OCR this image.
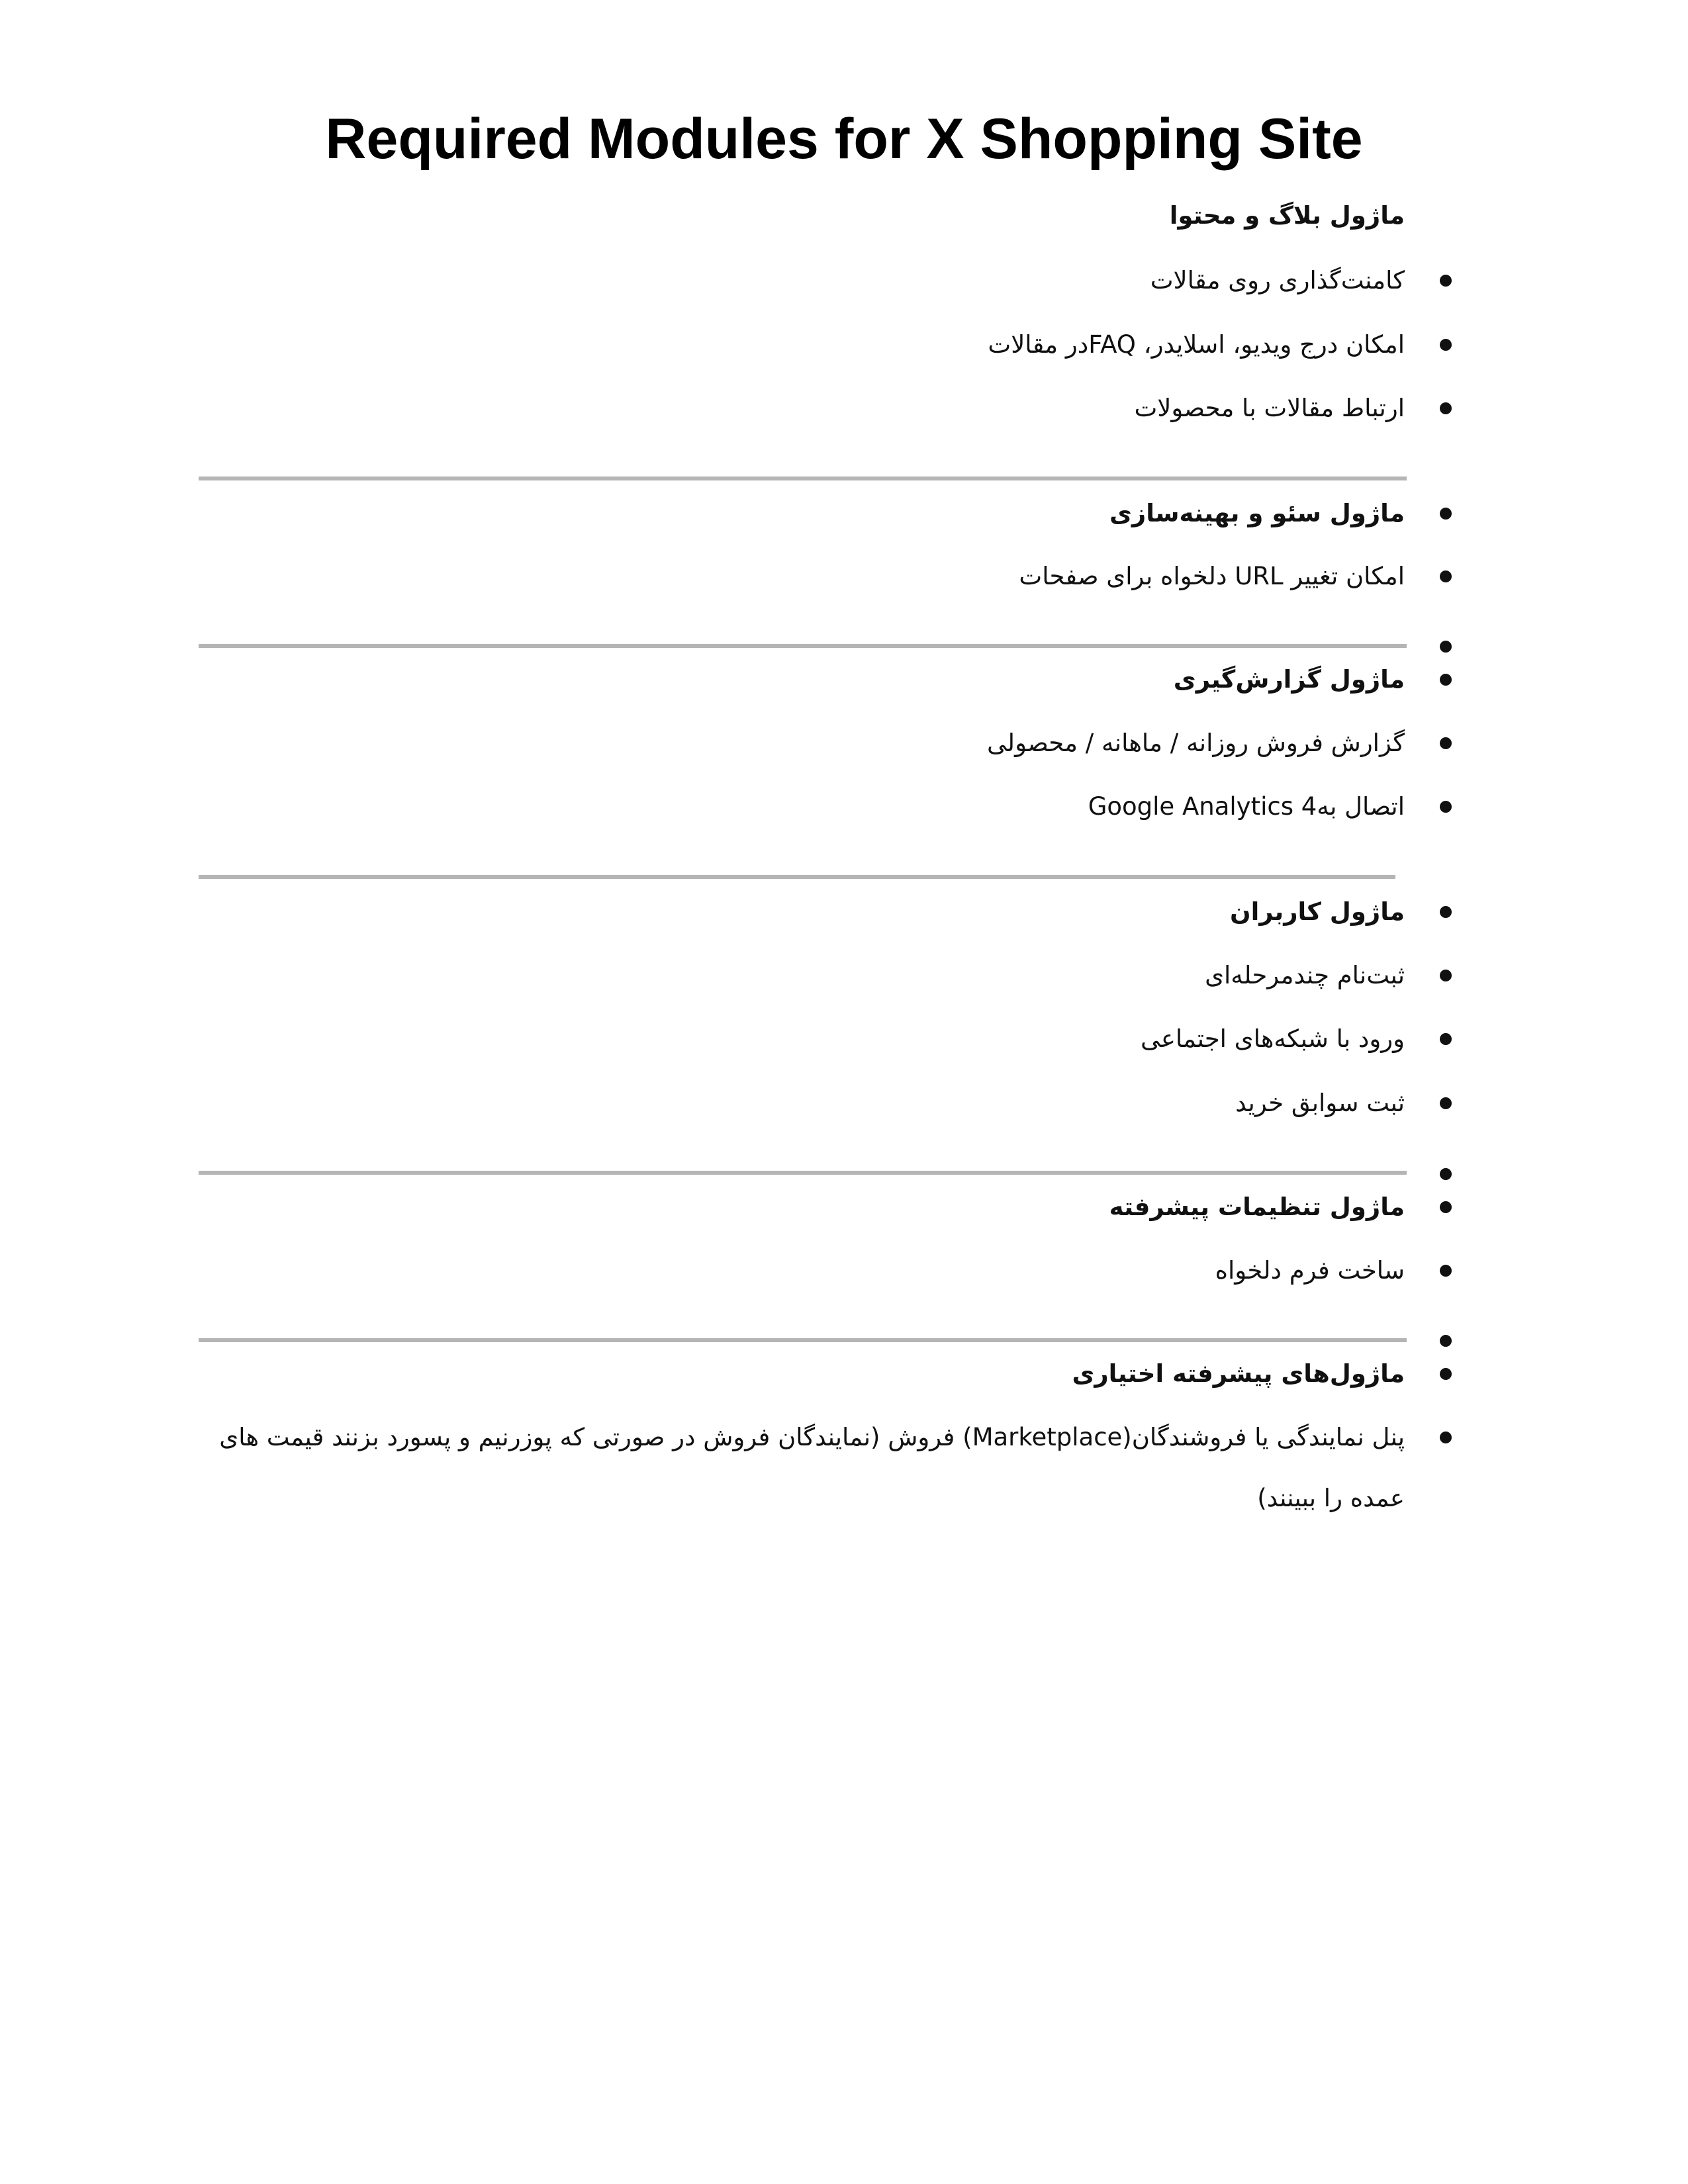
Required Modules for X Shopping Site
ماژول بلاگ و محتوا
کامنت‌گذاری روی مقالات
امکان درج ویدیو، اسلایدر، FAQدر مقالات
ارتباط مقالات با محصولات
ماژول سئو و بهینه‌سازی
امکان تغییر URL دلخواه برای صفحات
ماژول گزارش‌گیری
گزارش فروش روزانه / ماهانه / محصولی
اتصال بهGoogle Analytics 4
ماژول کاربران
ثبت‌نام چندمرحله‌ای
ورود با شبکه‌های اجتماعی
ثبت سوابق خرید
ماژول تنظیمات پیشرفته
ساخت فرم دلخواه
ماژول‌های پیشرفته اختیاری
پنل نمایندگی یا فروشندگان(Marketplace) فروش (نمایندگان فروش در صورتی که پوزرنیم و پسورد بزنند قیمت های عمده را ببینند)
